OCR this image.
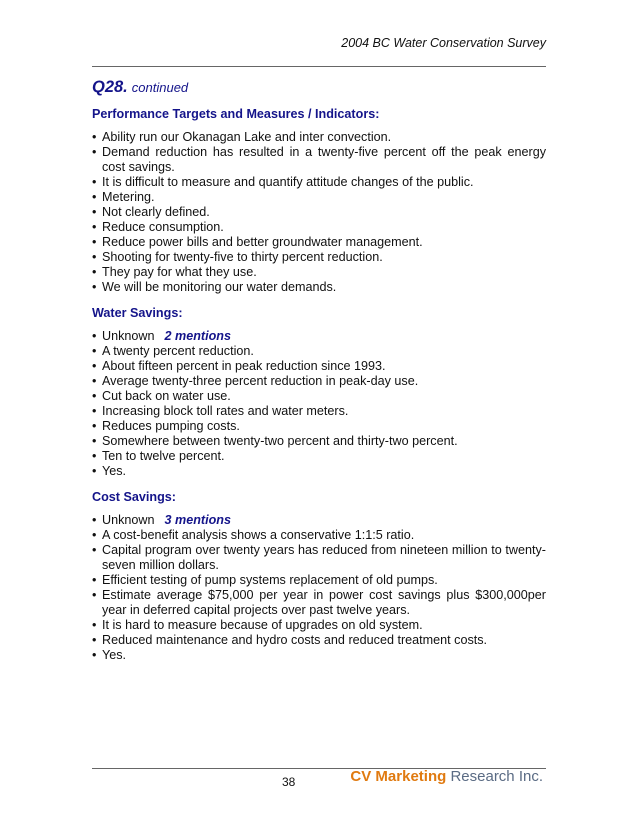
2004 BC Water Conservation Survey
Q28. continued
Performance Targets and Measures / Indicators:
• Ability run our Okanagan Lake and inter convection.
• Demand reduction has resulted in a twenty-five percent off the peak energy cost savings.
• It is difficult to measure and quantify attitude changes of the public.
• Metering.
• Not clearly defined.
• Reduce consumption.
• Reduce power bills and better groundwater management.
• Shooting for twenty-five to thirty percent reduction.
• They pay for what they use.
• We will be monitoring our water demands.
Water Savings:
• Unknown 2 mentions
• A twenty percent reduction.
• About fifteen percent in peak reduction since 1993.
• Average twenty-three percent reduction in peak-day use.
• Cut back on water use.
• Increasing block toll rates and water meters.
• Reduces pumping costs.
• Somewhere between twenty-two percent and thirty-two percent.
• Ten to twelve percent.
• Yes.
Cost Savings:
• Unknown 3 mentions
• A cost-benefit analysis shows a conservative 1:1:5 ratio.
• Capital program over twenty years has reduced from nineteen million to twenty-seven million dollars.
• Efficient testing of pump systems replacement of old pumps.
• Estimate average $75,000 per year in power cost savings plus $300,000per year in deferred capital projects over past twelve years.
• It is hard to measure because of upgrades on old system.
• Reduced maintenance and hydro costs and reduced treatment costs.
• Yes.
38	CV Marketing Research Inc.
